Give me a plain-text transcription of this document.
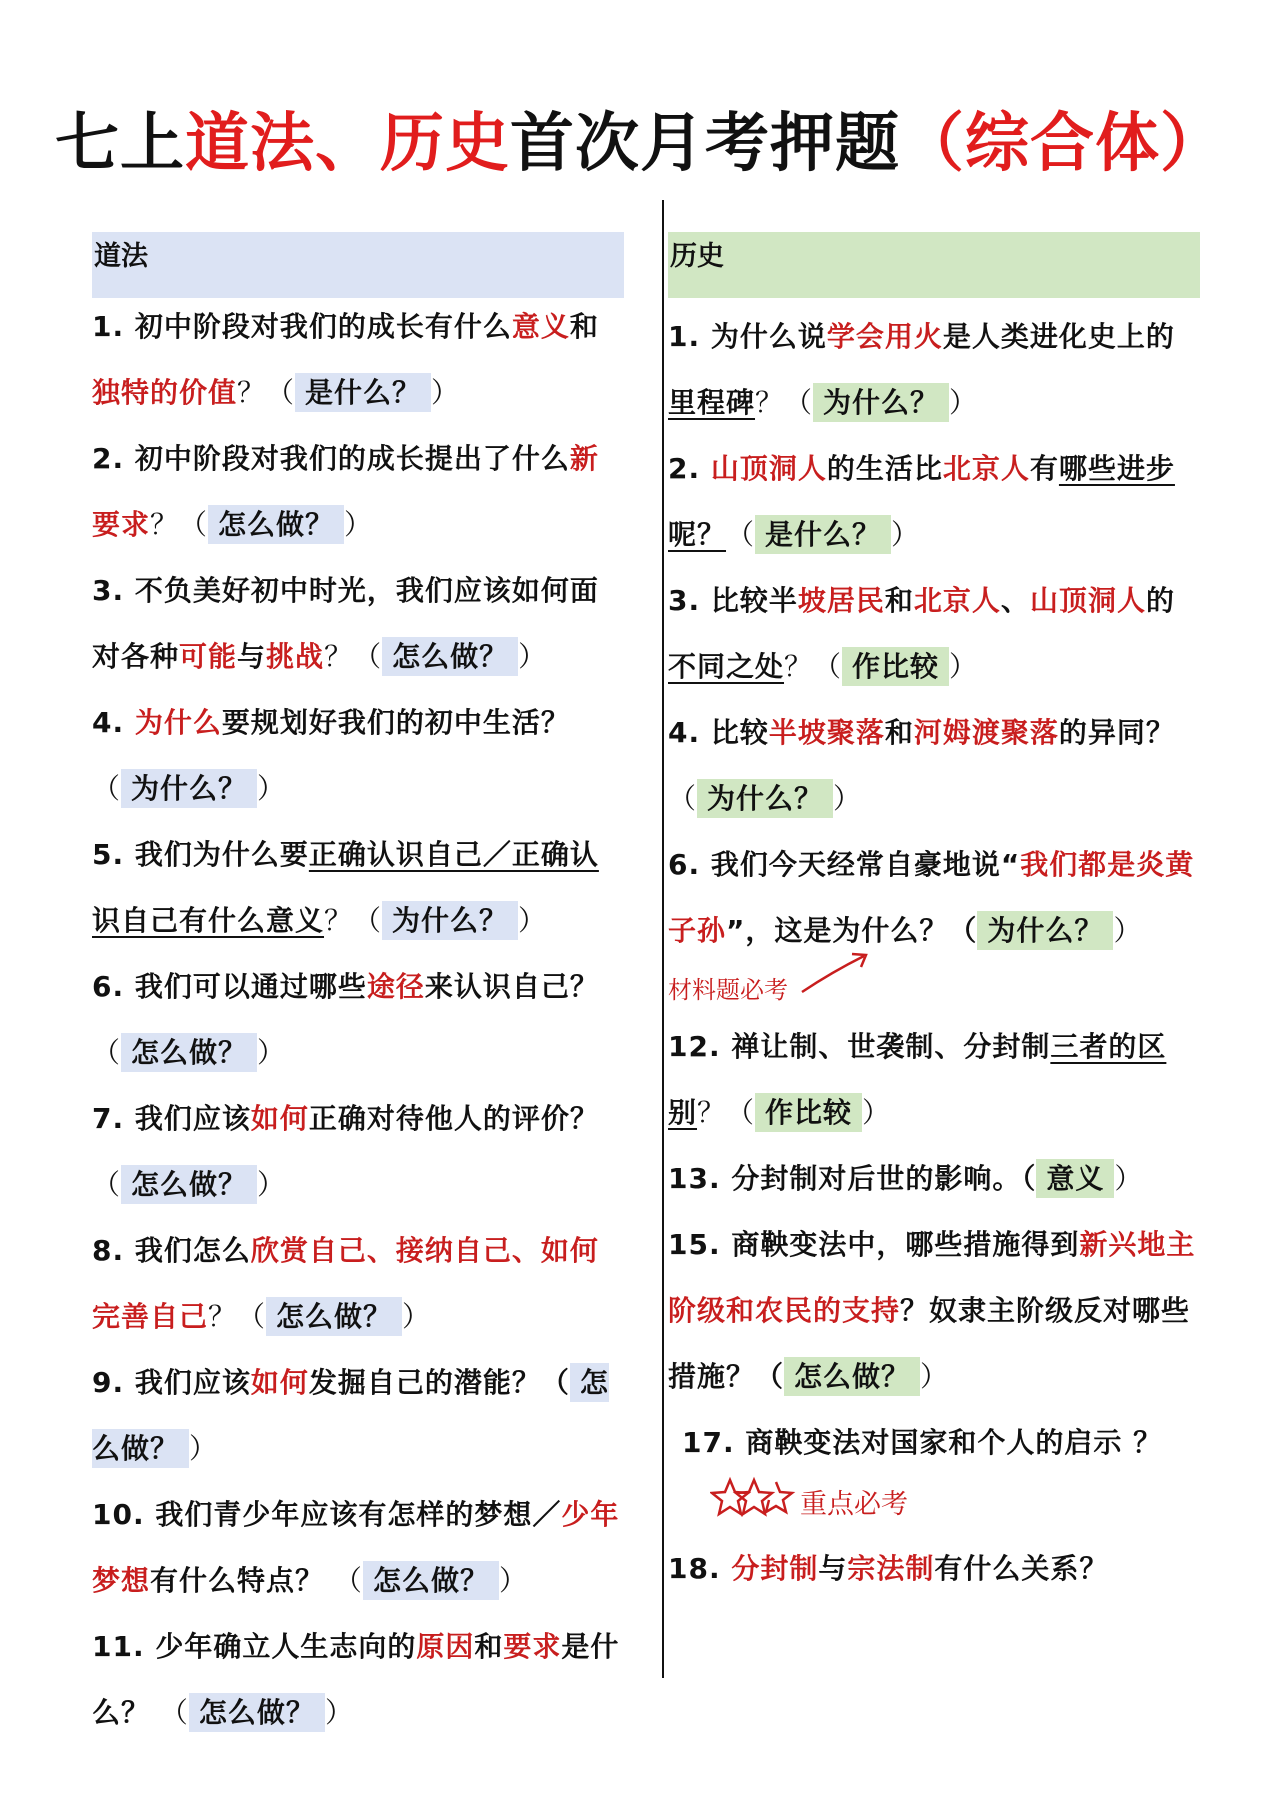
七上道法、历史首次月考押题（综合体）
道法
1. 初中阶段对我们的成长有什么意义和独特的价值？（ 是什么？ ）
2. 初中阶段对我们的成长提出了什么新要求？（ 怎么做？ ）
3. 不负美好初中时光，我们应该如何面对各种可能与挑战？（ 怎么做？ ）
4. 为什么要规划好我们的初中生活？
（ 为什么？ ）
5. 我们为什么要正确认识自己／正确认识自己有什么意义？（ 为什么？ ）
6. 我们可以通过哪些途径来认识自己？
（ 怎么做？ ）
7. 我们应该如何正确对待他人的评价？
（ 怎么做？ ）
8. 我们怎么欣赏自己、接纳自己、如何完善自己？（ 怎么做？ ）
9. 我们应该如何发掘自己的潜能？（ 怎么做？ ）
10. 我们青少年应该有怎样的梦想／少年梦想有什么特点？ （ 怎么做？ ）
11. 少年确立人生志向的原因和要求是什么？ （ 怎么做？ ）
历史
1. 为什么说学会用火是人类进化史上的里程碑？（ 为什么？ ）
2. 山顶洞人的生活比北京人有哪些进步呢？（ 是什么？ ）
3. 比较半坡居民和北京人、山顶洞人的不同之处？（ 作比较 ）
4. 比较半坡聚落和河姆渡聚落的异同？
（ 为什么？ ）
6. 我们今天经常自豪地说“我们都是炎黄子孙”，这是为什么？（ 为什么？ ）
材料题必考
12. 禅让制、世袭制、分封制三者的区别？（ 作比较 ）
13. 分封制对后世的影响。（ 意义 ）
15. 商鞅变法中，哪些措施得到新兴地主阶级和农民的支持？奴隶主阶级反对哪些措施？（ 怎么做？ ）
17. 商鞅变法对国家和个人的启示 ？
重点必考
18. 分封制与宗法制有什么关系？
